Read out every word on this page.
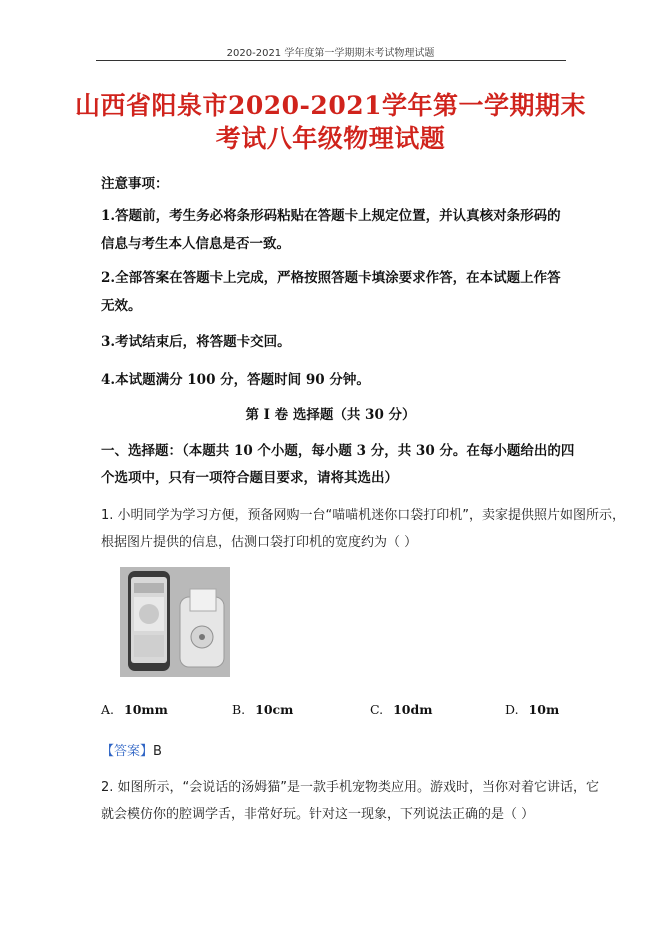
2020-2021 学年度第一学期期末考试物理试题
山西省阳泉市2020-2021学年第一学期期末
考试八年级物理试题
注意事项：
1.答题前，考生务必将条形码粘贴在答题卡上规定位置，并认真核对条形码的
信息与考生本人信息是否一致。
2.全部答案在答题卡上完成，严格按照答题卡填涂要求作答，在本试题上作答
无效。
3.考试结束后，将答题卡交回。
4.本试题满分 100 分，答题时间 90 分钟。
第 I 卷 选择题（共 30 分）
一、选择题：（本题共 10 个小题，每小题 3 分，共 30 分。在每小题给出的四
个选项中，只有一项符合题目要求，请将其选出）
1. 小明同学为学习方便，预备网购一台“喵喵机迷你口袋打印机”，卖家提供照片如图所示，
根据图片提供的信息，估测口袋打印机的宽度约为（ ）
A. 10mm	B. 10cm	C. 10dm	D. 10m
【答案】B
2. 如图所示，“会说话的汤姆猫”是一款手机宠物类应用。游戏时，当你对着它讲话，它
就会模仿你的腔调学舌，非常好玩。针对这一现象，下列说法正确的是（ ）
